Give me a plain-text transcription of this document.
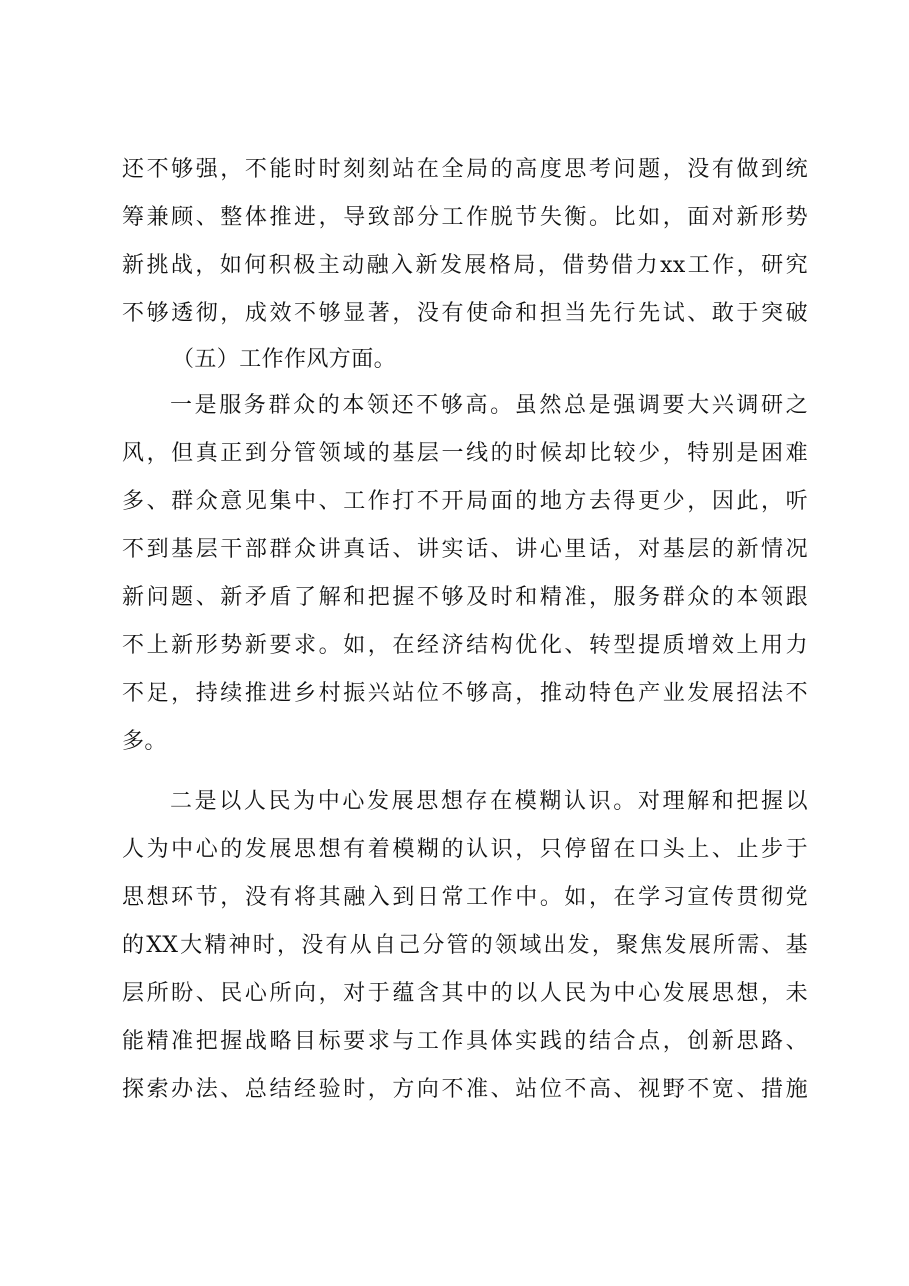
还不够强，不能时时刻刻站在全局的高度思考问题，没有做到统
筹兼顾、整体推进，导致部分工作脱节失衡。比如，面对新形势
新挑战，如何积极主动融入新发展格局，借势借力xx工作，研究
不够透彻，成效不够显著，没有使命和担当先行先试、敢于突破
（五）工作作风方面。
一是服务群众的本领还不够高。虽然总是强调要大兴调研之
风，但真正到分管领域的基层一线的时候却比较少，特别是困难
多、群众意见集中、工作打不开局面的地方去得更少，因此，听
不到基层干部群众讲真话、讲实话、讲心里话，对基层的新情况
新问题、新矛盾了解和把握不够及时和精准，服务群众的本领跟
不上新形势新要求。如，在经济结构优化、转型提质增效上用力
不足，持续推进乡村振兴站位不够高，推动特色产业发展招法不
多。
二是以人民为中心发展思想存在模糊认识。对理解和把握以
人为中心的发展思想有着模糊的认识，只停留在口头上、止步于
思想环节，没有将其融入到日常工作中。如，在学习宣传贯彻党
的XX大精神时，没有从自己分管的领域出发，聚焦发展所需、基
层所盼、民心所向，对于蕴含其中的以人民为中心发展思想，未
能精准把握战略目标要求与工作具体实践的结合点，创新思路、
探索办法、总结经验时，方向不准、站位不高、视野不宽、措施
